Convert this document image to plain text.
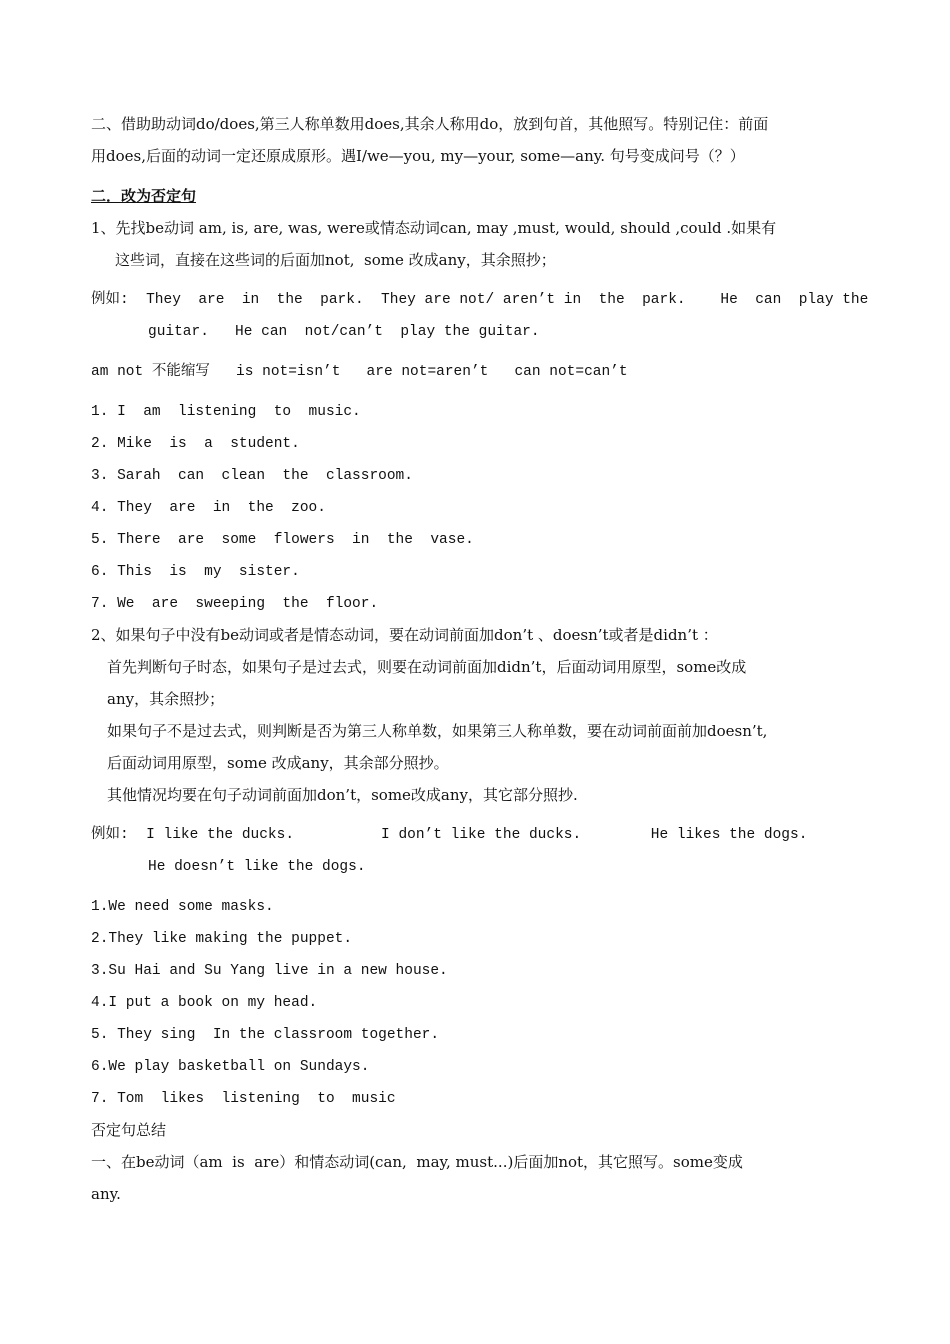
二、借助助动词do/does,第三人称单数用does,其余人称用do，放到句首，其他照写。特别记住：前面
用does,后面的动词一定还原成原形。遇I/we—you, my—your, some—any. 句号变成问号（？）
二．改为否定句
1、先找be动词 am, is, are, was, were或情态动词can, may ,must, would, should ,could .如果有
这些词，直接在这些词的后面加not,  some 改成any，其余照抄；
例如:  They  are  in  the  park.  They are not/ aren’t in  the  park.    He  can  play the
guitar.   He can  not/can’t  play the guitar.
am not 不能缩写   is not=isn’t   are not=aren’t   can not=can’t
1. I  am  listening  to  music.
2. Mike  is  a  student.
3. Sarah  can  clean  the  classroom.
4. They  are  in  the  zoo.
5. There  are  some  flowers  in  the  vase.
6. This  is  my  sister.
7. We  are  sweeping  the  floor.
2、如果句子中没有be动词或者是情态动词，要在动词前面加don’t 、doesn’t或者是didn’t ：
首先判断句子时态，如果句子是过去式，则要在动词前面加didn’t，后面动词用原型，some改成
any，其余照抄；
如果句子不是过去式，则判断是否为第三人称单数，如果第三人称单数，要在动词前面前加doesn’t,
后面动词用原型，some 改成any，其余部分照抄。
其他情况均要在句子动词前面加don’t，some改成any，其它部分照抄.
例如:  I like the ducks.          I don’t like the ducks.        He likes the dogs.
He doesn’t like the dogs.
1.We need some masks.
2.They like making the puppet.
3.Su Hai and Su Yang live in a new house.
4.I put a book on my head.
5. They sing  In the classroom together.
6.We play basketball on Sundays.
7. Tom  likes  listening  to  music
否定句总结
一、在be动词（am  is  are）和情态动词(can,  may, must...)后面加not，其它照写。some变成
any.
